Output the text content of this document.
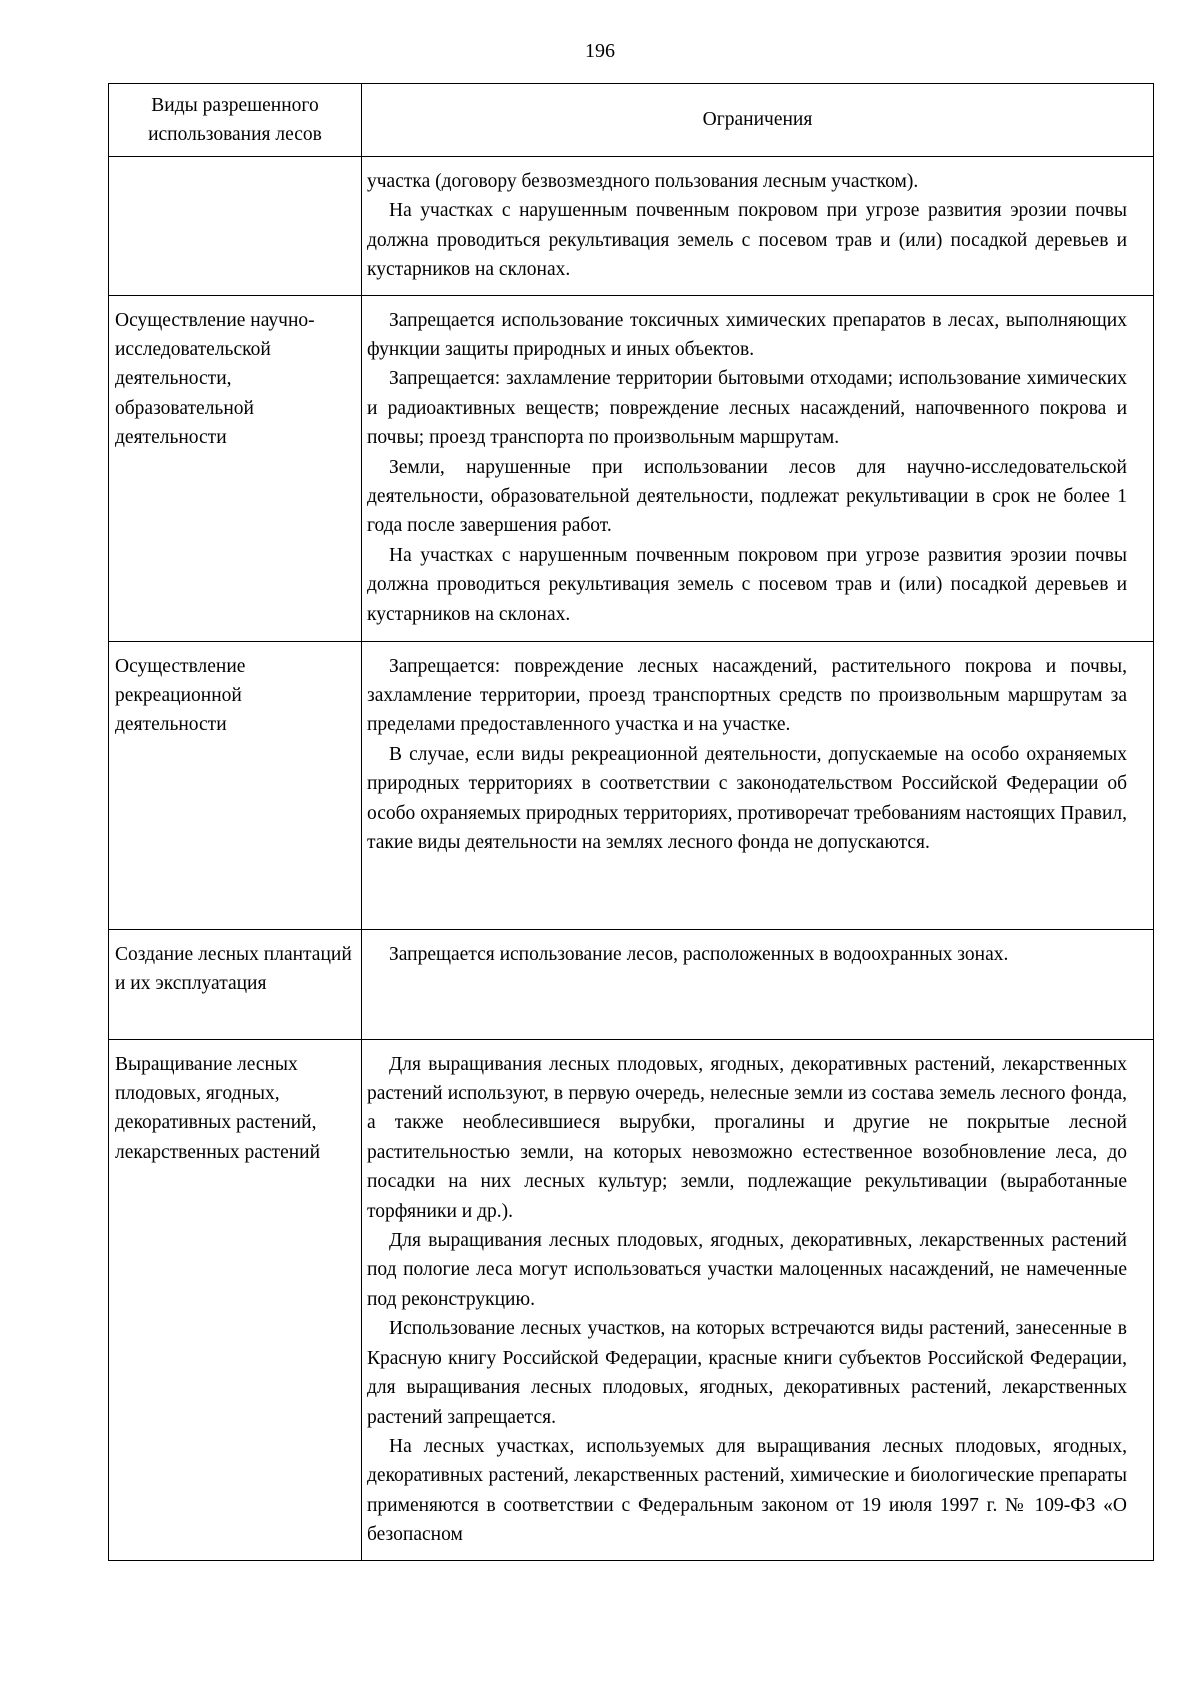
196
Виды разрешенного использования лесов	Ограничения

	участка (договору безвозмездного пользования лесным участком).

На участках с нарушенным почвенным покровом при угрозе развития эрозии почвы должна проводиться рекультивация земель с посевом трав и (или) посадкой деревьев и кустарников на склонах.

Осуществление научно-исследовательской деятельности, образовательной деятельности	Запрещается использование токсичных химических препаратов в лесах, выполняющих функции защиты природных и иных объектов.

Запрещается: захламление территории бытовыми отходами; использование химических и радиоактивных веществ; повреждение лесных насаждений, напочвенного покрова и почвы; проезд транспорта по произвольным маршрутам.

Земли, нарушенные при использовании лесов для научно-исследовательской деятельности, образовательной деятельности, подлежат рекультивации в срок не более 1 года после завершения работ.

На участках с нарушенным почвенным покровом при угрозе развития эрозии почвы должна проводиться рекультивация земель с посевом трав и (или) посадкой деревьев и кустарников на склонах.

Осуществление рекреационной деятельности	Запрещается: повреждение лесных насаждений, растительного покрова и почвы, захламление территории, проезд транспортных средств по произвольным маршрутам за пределами предоставленного участка и на участке.

В случае, если виды рекреационной деятельности, допускаемые на особо охраняемых природных территориях в соответствии с законодательством Российской Федерации об особо охраняемых природных территориях, противоречат требованиям настоящих Правил, такие виды деятельности на землях лесного фонда не допускаются.

Создание лесных плантаций и их эксплуатация	Запрещается использование лесов, расположенных в водоохранных зонах.

Выращивание лесных плодовых, ягодных, декоративных растений, лекарственных растений	Для выращивания лесных плодовых, ягодных, декоративных растений, лекарственных растений используют, в первую очередь, нелесные земли из состава земель лесного фонда, а также необлесившиеся вырубки, прогалины и другие не покрытые лесной растительностью земли, на которых невозможно естественное возобновление леса, до посадки на них лесных культур; земли, подлежащие рекультивации (выработанные торфяники и др.).

Для выращивания лесных плодовых, ягодных, декоративных, лекарственных растений под пологие леса могут использоваться участки малоценных насаждений, не намеченные под реконструкцию.

Использование лесных участков, на которых встречаются виды растений, занесенные в Красную книгу Российской Федерации, красные книги субъектов Российской Федерации, для выращивания лесных плодовых, ягодных, декоративных растений, лекарственных растений запрещается.

На лесных участках, используемых для выращивания лесных плодовых, ягодных, декоративных растений, лекарственных растений, химические и биологические препараты применяются в соответствии с Федеральным законом от 19 июля 1997 г. № 109-ФЗ «О безопасном
